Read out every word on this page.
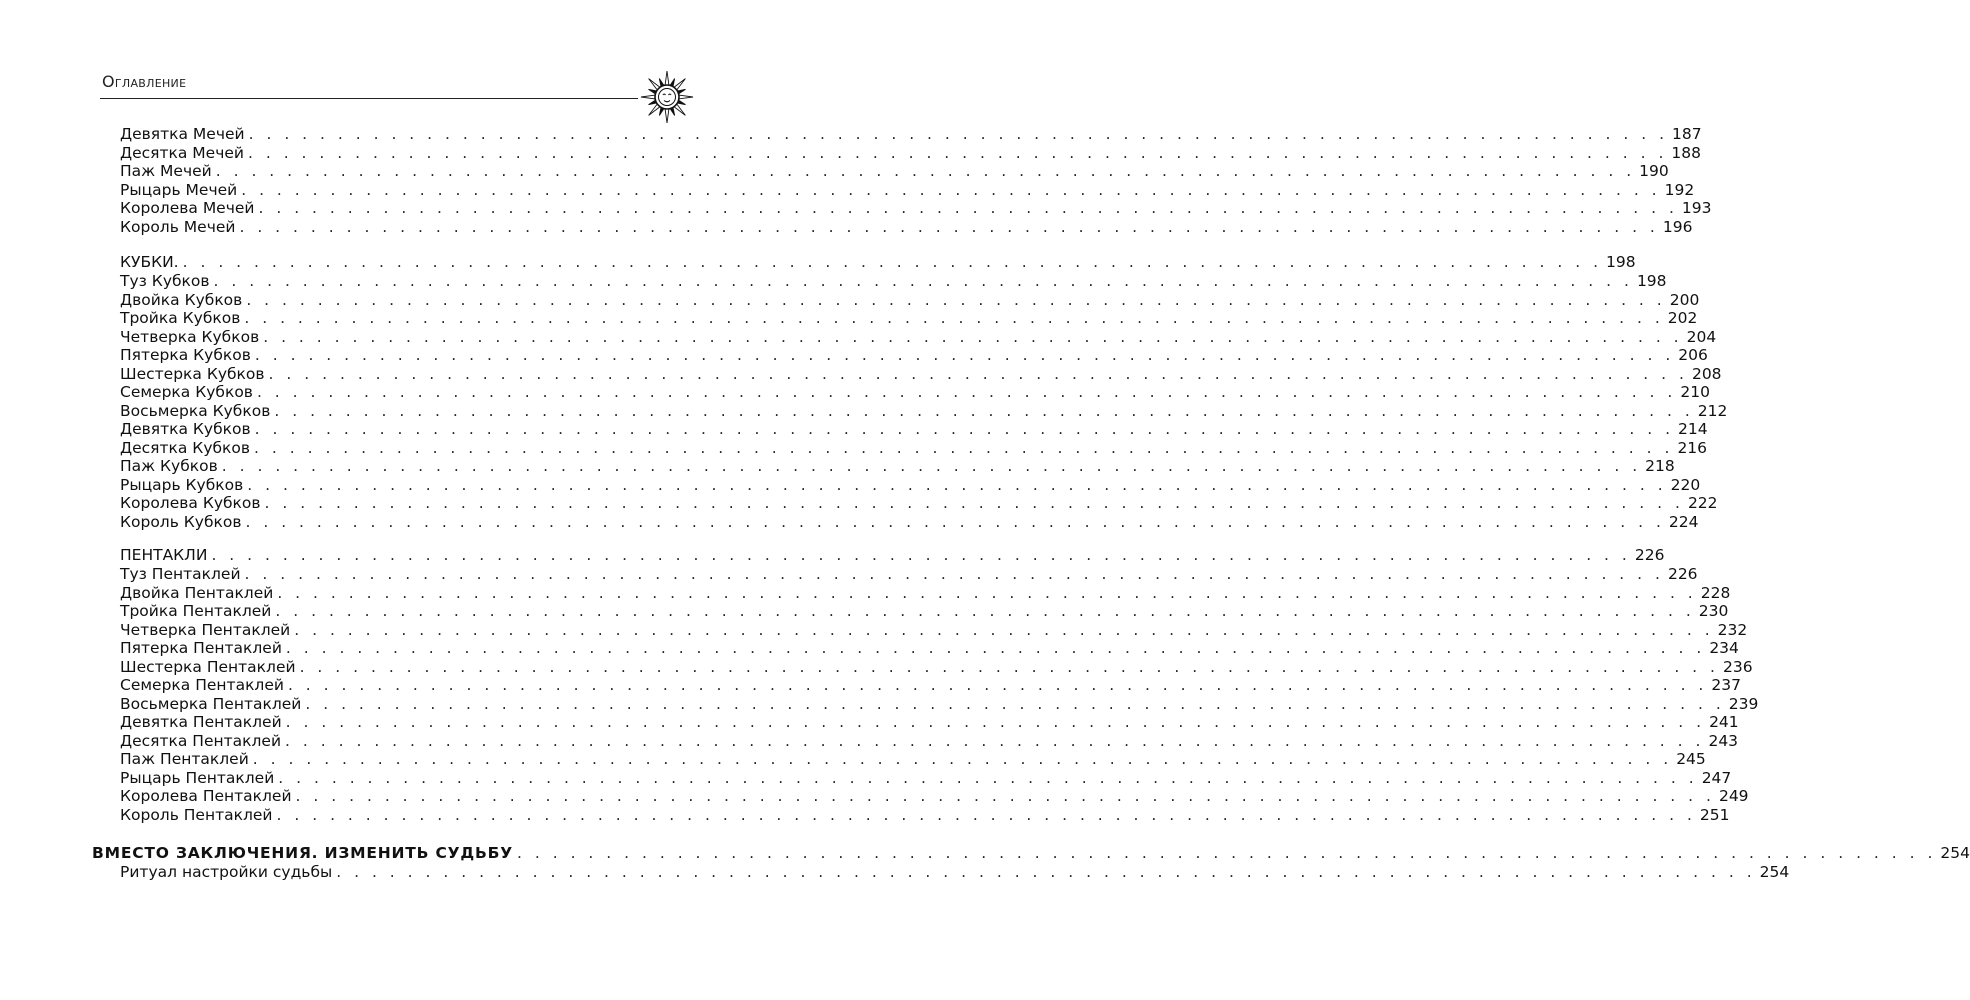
Оглавление
Девятка Мечей . . . . . . . . . . . . . . . . . . . . . . . . . . . . . . . . . . . . . . . . . . . . . . . . . . . . . . . . . . . . . . . . . . . . . . . . . . . . . . . . 187
Десятка Мечей . . . . . . . . . . . . . . . . . . . . . . . . . . . . . . . . . . . . . . . . . . . . . . . . . . . . . . . . . . . . . . . . . . . . . . . . . . . . . . . . 188
Паж Мечей . . . . . . . . . . . . . . . . . . . . . . . . . . . . . . . . . . . . . . . . . . . . . . . . . . . . . . . . . . . . . . . . . . . . . . . . . . . . . . . . 190
Рыцарь Мечей . . . . . . . . . . . . . . . . . . . . . . . . . . . . . . . . . . . . . . . . . . . . . . . . . . . . . . . . . . . . . . . . . . . . . . . . . . . . . . . . 192
Королева Мечей . . . . . . . . . . . . . . . . . . . . . . . . . . . . . . . . . . . . . . . . . . . . . . . . . . . . . . . . . . . . . . . . . . . . . . . . . . . . . . . . 193
Король Мечей . . . . . . . . . . . . . . . . . . . . . . . . . . . . . . . . . . . . . . . . . . . . . . . . . . . . . . . . . . . . . . . . . . . . . . . . . . . . . . . . 196
КУБКИ. . . . . . . . . . . . . . . . . . . . . . . . . . . . . . . . . . . . . . . . . . . . . . . . . . . . . . . . . . . . . . . . . . . . . . . . . . . . . . . . . 198
Туз Кубков . . . . . . . . . . . . . . . . . . . . . . . . . . . . . . . . . . . . . . . . . . . . . . . . . . . . . . . . . . . . . . . . . . . . . . . . . . . . . . . . 198
Двойка Кубков . . . . . . . . . . . . . . . . . . . . . . . . . . . . . . . . . . . . . . . . . . . . . . . . . . . . . . . . . . . . . . . . . . . . . . . . . . . . . . . . 200
Тройка Кубков . . . . . . . . . . . . . . . . . . . . . . . . . . . . . . . . . . . . . . . . . . . . . . . . . . . . . . . . . . . . . . . . . . . . . . . . . . . . . . . . 202
Четверка Кубков . . . . . . . . . . . . . . . . . . . . . . . . . . . . . . . . . . . . . . . . . . . . . . . . . . . . . . . . . . . . . . . . . . . . . . . . . . . . . . . . 204
Пятерка Кубков . . . . . . . . . . . . . . . . . . . . . . . . . . . . . . . . . . . . . . . . . . . . . . . . . . . . . . . . . . . . . . . . . . . . . . . . . . . . . . . . 206
Шестерка Кубков . . . . . . . . . . . . . . . . . . . . . . . . . . . . . . . . . . . . . . . . . . . . . . . . . . . . . . . . . . . . . . . . . . . . . . . . . . . . . . . . 208
Семерка Кубков . . . . . . . . . . . . . . . . . . . . . . . . . . . . . . . . . . . . . . . . . . . . . . . . . . . . . . . . . . . . . . . . . . . . . . . . . . . . . . . . 210
Восьмерка Кубков . . . . . . . . . . . . . . . . . . . . . . . . . . . . . . . . . . . . . . . . . . . . . . . . . . . . . . . . . . . . . . . . . . . . . . . . . . . . . . . . 212
Девятка Кубков . . . . . . . . . . . . . . . . . . . . . . . . . . . . . . . . . . . . . . . . . . . . . . . . . . . . . . . . . . . . . . . . . . . . . . . . . . . . . . . . 214
Десятка Кубков . . . . . . . . . . . . . . . . . . . . . . . . . . . . . . . . . . . . . . . . . . . . . . . . . . . . . . . . . . . . . . . . . . . . . . . . . . . . . . . . 216
Паж Кубков . . . . . . . . . . . . . . . . . . . . . . . . . . . . . . . . . . . . . . . . . . . . . . . . . . . . . . . . . . . . . . . . . . . . . . . . . . . . . . . . 218
Рыцарь Кубков . . . . . . . . . . . . . . . . . . . . . . . . . . . . . . . . . . . . . . . . . . . . . . . . . . . . . . . . . . . . . . . . . . . . . . . . . . . . . . . . 220
Королева Кубков . . . . . . . . . . . . . . . . . . . . . . . . . . . . . . . . . . . . . . . . . . . . . . . . . . . . . . . . . . . . . . . . . . . . . . . . . . . . . . . . 222
Король Кубков . . . . . . . . . . . . . . . . . . . . . . . . . . . . . . . . . . . . . . . . . . . . . . . . . . . . . . . . . . . . . . . . . . . . . . . . . . . . . . . . 224
ПЕНТАКЛИ . . . . . . . . . . . . . . . . . . . . . . . . . . . . . . . . . . . . . . . . . . . . . . . . . . . . . . . . . . . . . . . . . . . . . . . . . . . . . . . . 226
Туз Пентаклей . . . . . . . . . . . . . . . . . . . . . . . . . . . . . . . . . . . . . . . . . . . . . . . . . . . . . . . . . . . . . . . . . . . . . . . . . . . . . . . . 226
Двойка Пентаклей . . . . . . . . . . . . . . . . . . . . . . . . . . . . . . . . . . . . . . . . . . . . . . . . . . . . . . . . . . . . . . . . . . . . . . . . . . . . . . . . 228
Тройка Пентаклей . . . . . . . . . . . . . . . . . . . . . . . . . . . . . . . . . . . . . . . . . . . . . . . . . . . . . . . . . . . . . . . . . . . . . . . . . . . . . . . . 230
Четверка Пентаклей . . . . . . . . . . . . . . . . . . . . . . . . . . . . . . . . . . . . . . . . . . . . . . . . . . . . . . . . . . . . . . . . . . . . . . . . . . . . . . . . 232
Пятерка Пентаклей . . . . . . . . . . . . . . . . . . . . . . . . . . . . . . . . . . . . . . . . . . . . . . . . . . . . . . . . . . . . . . . . . . . . . . . . . . . . . . . . 234
Шестерка Пентаклей . . . . . . . . . . . . . . . . . . . . . . . . . . . . . . . . . . . . . . . . . . . . . . . . . . . . . . . . . . . . . . . . . . . . . . . . . . . . . . . . 236
Семерка Пентаклей . . . . . . . . . . . . . . . . . . . . . . . . . . . . . . . . . . . . . . . . . . . . . . . . . . . . . . . . . . . . . . . . . . . . . . . . . . . . . . . . 237
Восьмерка Пентаклей . . . . . . . . . . . . . . . . . . . . . . . . . . . . . . . . . . . . . . . . . . . . . . . . . . . . . . . . . . . . . . . . . . . . . . . . . . . . . . . . 239
Девятка Пентаклей . . . . . . . . . . . . . . . . . . . . . . . . . . . . . . . . . . . . . . . . . . . . . . . . . . . . . . . . . . . . . . . . . . . . . . . . . . . . . . . . 241
Десятка Пентаклей . . . . . . . . . . . . . . . . . . . . . . . . . . . . . . . . . . . . . . . . . . . . . . . . . . . . . . . . . . . . . . . . . . . . . . . . . . . . . . . . 243
Паж Пентаклей . . . . . . . . . . . . . . . . . . . . . . . . . . . . . . . . . . . . . . . . . . . . . . . . . . . . . . . . . . . . . . . . . . . . . . . . . . . . . . . . 245
Рыцарь Пентаклей . . . . . . . . . . . . . . . . . . . . . . . . . . . . . . . . . . . . . . . . . . . . . . . . . . . . . . . . . . . . . . . . . . . . . . . . . . . . . . . . 247
Королева Пентаклей . . . . . . . . . . . . . . . . . . . . . . . . . . . . . . . . . . . . . . . . . . . . . . . . . . . . . . . . . . . . . . . . . . . . . . . . . . . . . . . . 249
Король Пентаклей . . . . . . . . . . . . . . . . . . . . . . . . . . . . . . . . . . . . . . . . . . . . . . . . . . . . . . . . . . . . . . . . . . . . . . . . . . . . . . . . 251
ВМЕСТО ЗАКЛЮЧЕНИЯ. ИЗМЕНИТЬ СУДЬБУ . . . . . . . . . . . . . . . . . . . . . . . . . . . . . . . . . . . . . . . . . . . . . . . . . . . . . . . . . . . . . . . . . . . . . . . . . . . . . . . . 254
Ритуал настройки судьбы . . . . . . . . . . . . . . . . . . . . . . . . . . . . . . . . . . . . . . . . . . . . . . . . . . . . . . . . . . . . . . . . . . . . . . . . . . . . . . . . 254
